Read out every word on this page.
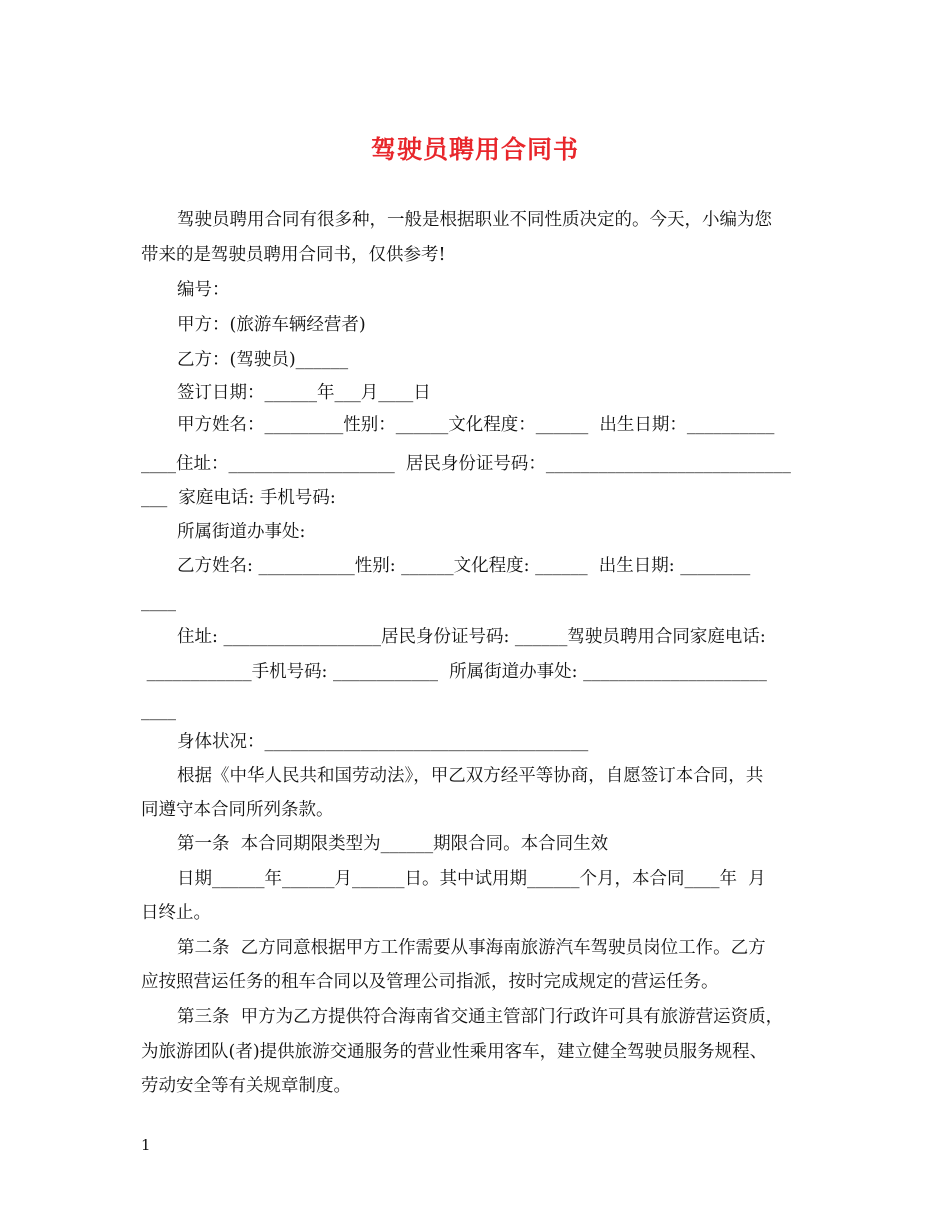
驾驶员聘用合同书
驾驶员聘用合同有很多种，一般是根据职业不同性质决定的。今天，小编为您
带来的是驾驶员聘用合同书，仅供参考!
编号：
甲方：(旅游车辆经营者)
乙方：(驾驶员)______
签订日期：______年___月____日
甲方姓名：_________性别：______文化程度：______  出生日期：__________
____住址：___________________  居民身份证号码：____________________________
___  家庭电话: 手机号码:
所属街道办事处:
乙方姓名: ___________性别: ______文化程度: ______  出生日期: ________
____
住址: __________________居民身份证号码: ______驾驶员聘用合同家庭电话:
____________手机号码: ____________  所属街道办事处: _____________________
____
身体状况：_____________________________________
根据《中华人民共和国劳动法》，甲乙双方经平等协商，自愿签订本合同，共
同遵守本合同所列条款。
第一条  本合同期限类型为______期限合同。本合同生效
日期______年______月______日。其中试用期______个月，本合同____年  月
日终止。
第二条  乙方同意根据甲方工作需要从事海南旅游汽车驾驶员岗位工作。乙方
应按照营运任务的租车合同以及管理公司指派，按时完成规定的营运任务。
第三条  甲方为乙方提供符合海南省交通主管部门行政许可具有旅游营运资质，
为旅游团队(者)提供旅游交通服务的营业性乘用客车，建立健全驾驶员服务规程、
劳动安全等有关规章制度。
1
